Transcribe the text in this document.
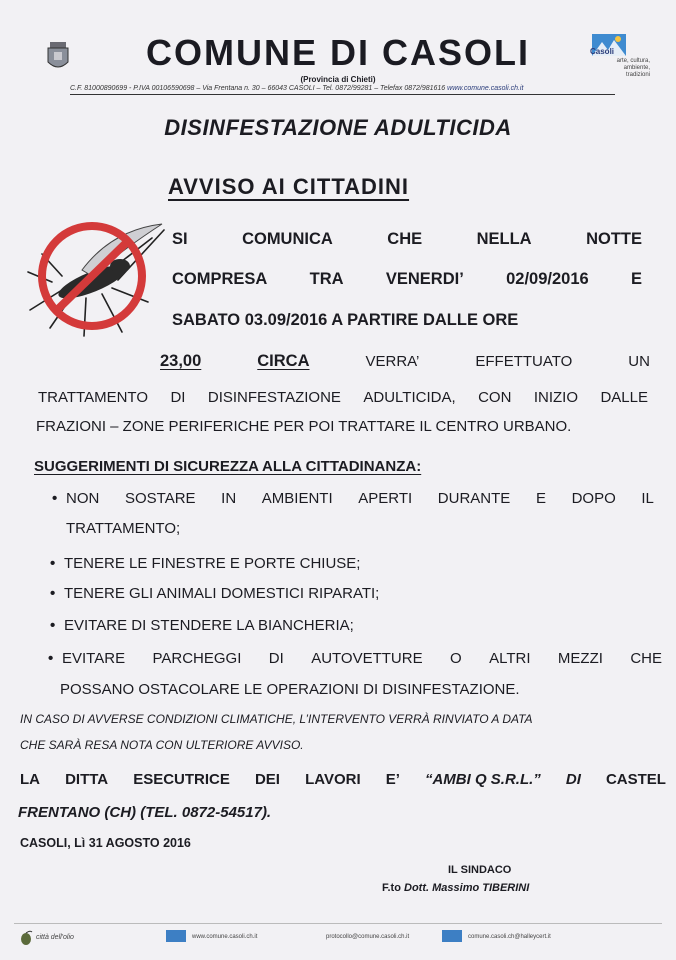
Casoli
arte, cultura, ambiente, tradizioni
COMUNE DI CASOLI
(Provincia di Chieti)
C.F. 81000890699 - P.IVA 00106590698 – Via Frentana n. 30 – 66043 CASOLI – Tel. 0872/99281 – Telefax 0872/981616 www.comune.casoli.ch.it
DISINFESTAZIONE ADULTICIDA
AVVISO AI CITTADINI
SI	COMUNICA	CHE	NELLA	NOTTE
COMPRESA	TRA	VENERDI’	02/09/2016	E
SABATO 03.09/2016 A PARTIRE DALLE ORE
23,00	CIRCA	VERRA’	EFFETTUATO	UN
TRATTAMENTO DI DISINFESTAZIONE ADULTICIDA, CON INIZIO DALLE
FRAZIONI – ZONE PERIFERICHE PER POI TRATTARE IL CENTRO URBANO.
SUGGERIMENTI DI SICUREZZA ALLA CITTADINANZA:
• NON SOSTARE IN AMBIENTI APERTI DURANTE E DOPO IL
TRATTAMENTO;
• TENERE LE FINESTRE E PORTE CHIUSE;
• TENERE GLI ANIMALI DOMESTICI RIPARATI;
• EVITARE DI STENDERE LA BIANCHERIA;
• EVITARE PARCHEGGI DI AUTOVETTURE O ALTRI MEZZI CHE
POSSANO OSTACOLARE LE OPERAZIONI DI DISINFESTAZIONE.
IN CASO DI AVVERSE CONDIZIONI CLIMATICHE, L’INTERVENTO VERRÀ RINVIATO A DATA
CHE SARÀ RESA NOTA CON ULTERIORE AVVISO.
LA DITTA ESECUTRICE DEI LAVORI E’ “AMBI Q S.R.L.” DI CASTEL
FRENTANO (CH) (TEL. 0872-54517).
CASOLI, Lì 31 AGOSTO 2016
IL SINDACO
F.to Dott. Massimo TIBERINI
città dell'olio	www.comune.casoli.ch.it	protocollo@comune.casoli.ch.it	comune.casoli.ch@halleycert.it
